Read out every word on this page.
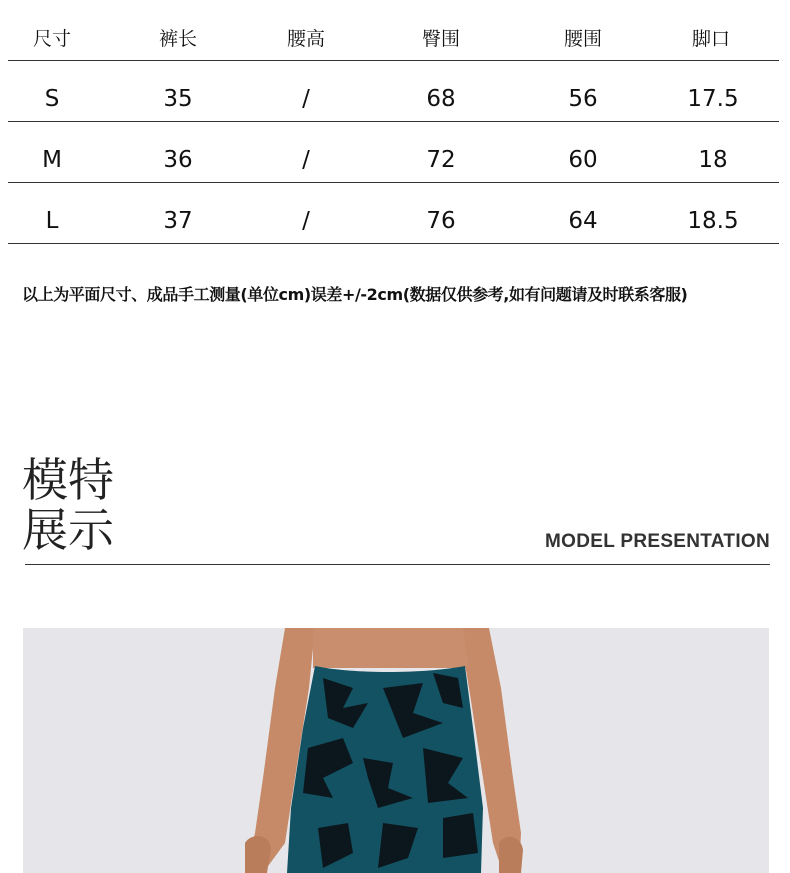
尺寸	裤长	腰高	臀围	腰围	脚口
S	35	/	68	56	17.5
M	36	/	72	60	18
L	37	/	76	64	18.5
以上为平面尺寸、成品手工测量(单位cm)误差+/-2cm(数据仅供参考,如有问题请及时联系客服)
模特
展示	MODEL PRESENTATION
